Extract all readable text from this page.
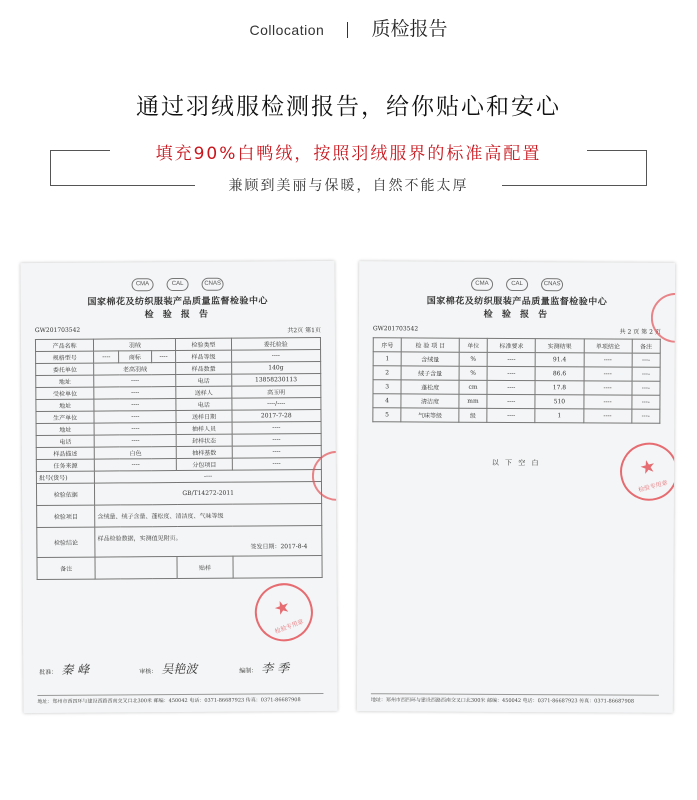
Collocation 质检报告
通过羽绒服检测报告，给你贴心和安心
填充90%白鸭绒，按照羽绒服界的标准高配置
兼顾到美丽与保暖，自然不能太厚
CMA	CAL	CNAS
国家棉花及纺织服装产品质量监督检验中心
检 验 报 告
GW201703542	共2页 第1页
产品名称	羽绒			检验类型	委托检验
规格型号	----	商标	----	样品等级	----
委托单位	老高羽绒			样品数量	140g
地址	----			电话	13858230113
受检单位	----			送样人	高玉明
地址	----			电话	----/----
生产单位	----			送样日期	2017-7-28
地址	----			抽样人员	----
电话	----			封样状态	----
样品描述	白色			抽样基数	----
任务来源	----			分包项目	----
批号(货号)	----				
检验依据	GB/T14272-2011				
检验项目	含绒量、绒子含量、蓬松度、清洁度、气味等级				
检验结论	样品检验数据，实测值见附页。
签发日期：2017-8-4				

备注				贴样	
批准： 秦 峰	审核： 吴艳波	编制： 李 季
★
检验专用章
地址：郑州市西四环与建设西路西南交叉口北300米 邮编：450042 电话：0371-86687923 传真：0371-86687908
CMA	CAL	CNAS
国家棉花及纺织服装产品质量监督检验中心
检 验 报 告
GW201703542	共 2 页 第 2 页
序号	检 验 项 目	单位	标准要求	实测结果	单项结论	备注
1	含绒量	%	----	91.4	----	----
2	绒子含量	%	----	86.6	----	----
3	蓬松度	cm	----	17.8	----	----
4	清洁度	mm	----	510	----	----
5	气味等级	级	----	1	----	----
以 下 空 白	★
检验专用章
地址：郑州市西四环与建设西路西南交叉口北300米 邮编：450042 电话：0371-86687923 传真：0371-86687908
